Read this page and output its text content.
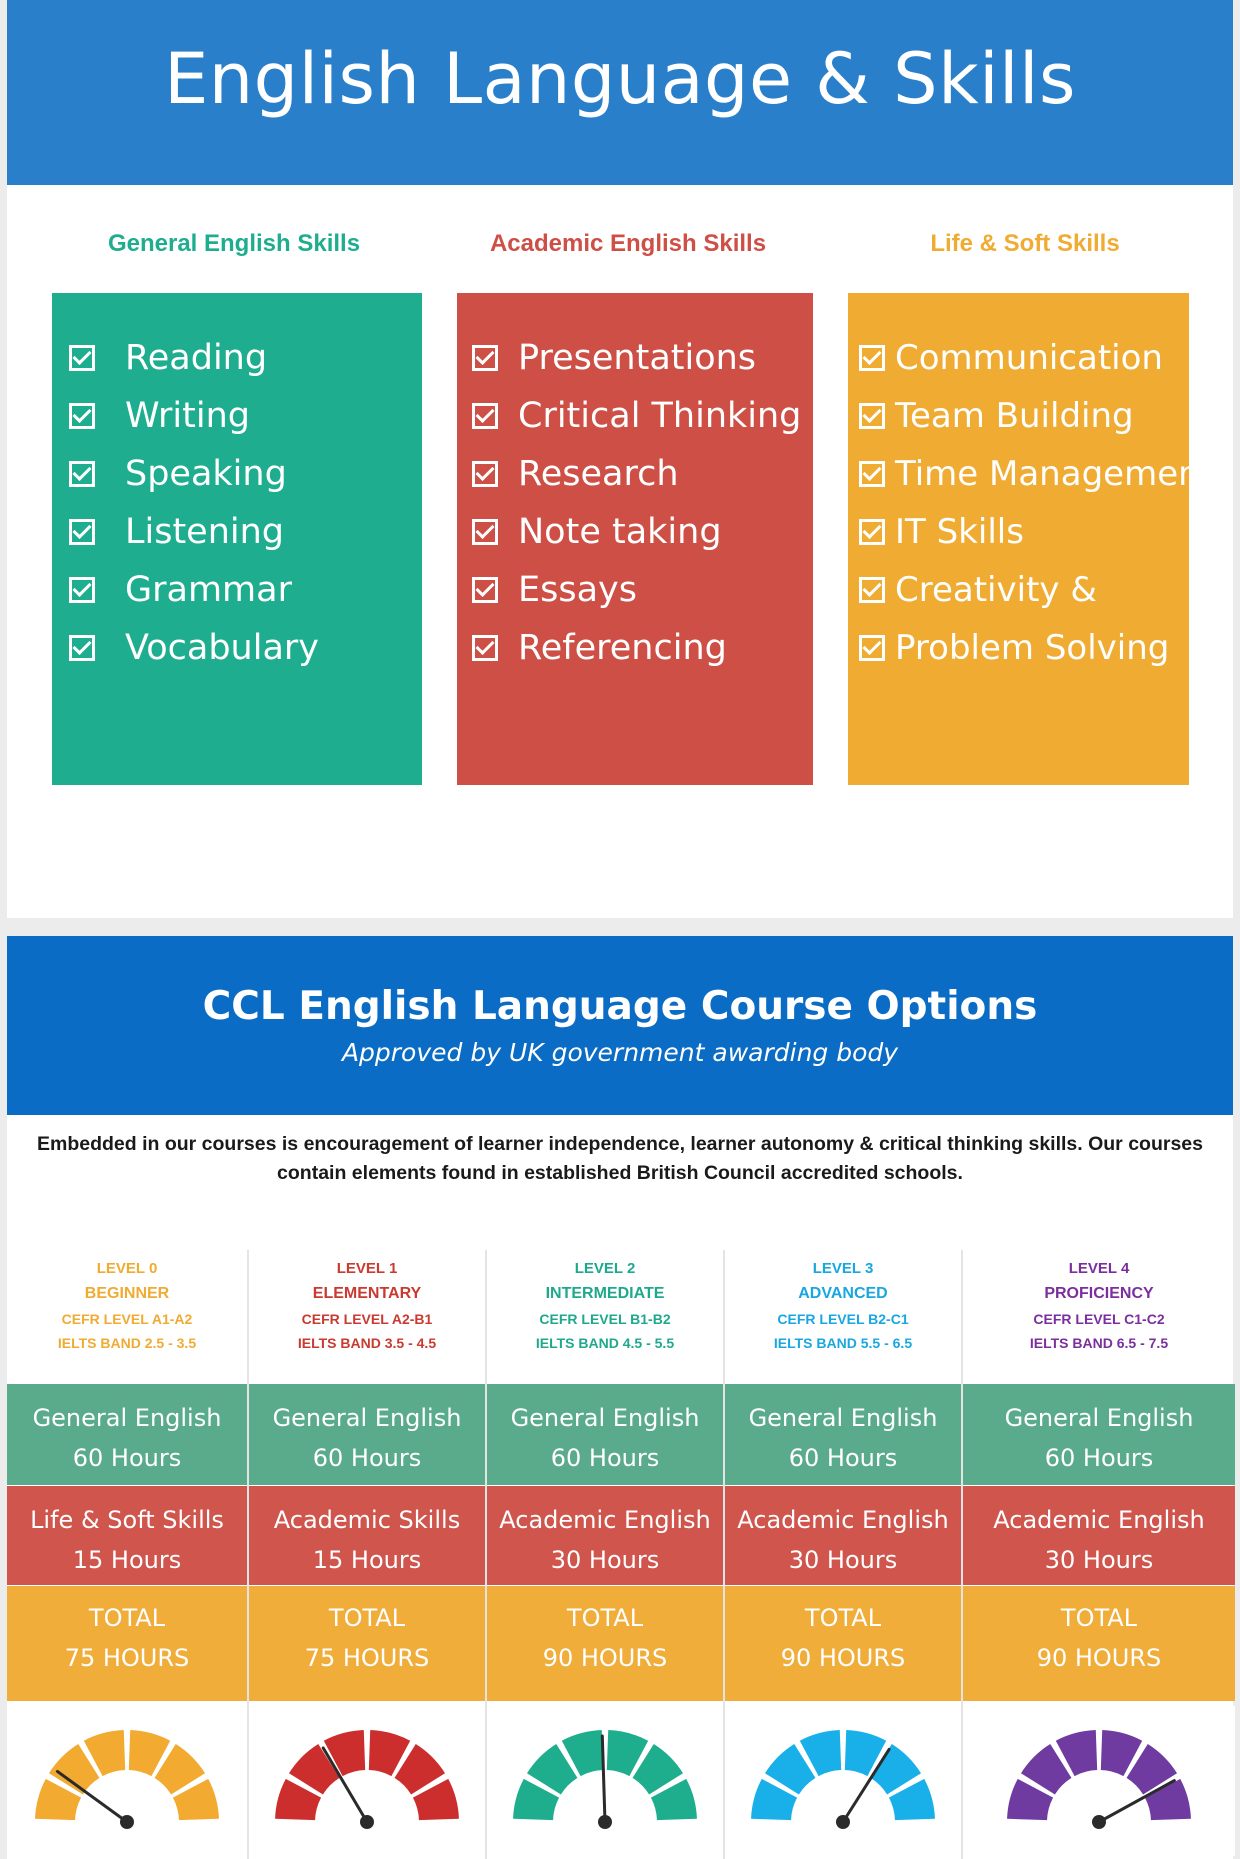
English Language & Skills
General English Skills	Academic English Skills	Life & Soft Skills
Reading
Writing
Speaking
Listening
Grammar
Vocabulary
Presentations
Critical Thinking
Research
Note taking
Essays
Referencing
Communication
Team Building
Time Management
IT Skills
Creativity &
Problem Solving
CCL English Language Course Options
Approved by UK government awarding body
Embedded in our courses is encouragement of learner independence, learner autonomy & critical thinking skills. Our courses contain elements found in established British Council accredited schools.
LEVEL 0
BEGINNER
CEFR LEVEL A1-A2
IELTS BAND 2.5 - 3.5
General English
60 Hours
Life & Soft Skills
15 Hours
TOTAL
75 HOURS
LEVEL 1
ELEMENTARY
CEFR LEVEL A2-B1
IELTS BAND 3.5 - 4.5
General English
60 Hours
Academic Skills
15 Hours
TOTAL
75 HOURS
LEVEL 2
INTERMEDIATE
CEFR LEVEL B1-B2
IELTS BAND 4.5 - 5.5
General English
60 Hours
Academic English
30 Hours
TOTAL
90 HOURS
LEVEL 3
ADVANCED
CEFR LEVEL B2-C1
IELTS BAND 5.5 - 6.5
General English
60 Hours
Academic English
30 Hours
TOTAL
90 HOURS
LEVEL 4
PROFICIENCY
CEFR LEVEL C1-C2
IELTS BAND 6.5 - 7.5
General English
60 Hours
Academic English
30 Hours
TOTAL
90 HOURS
